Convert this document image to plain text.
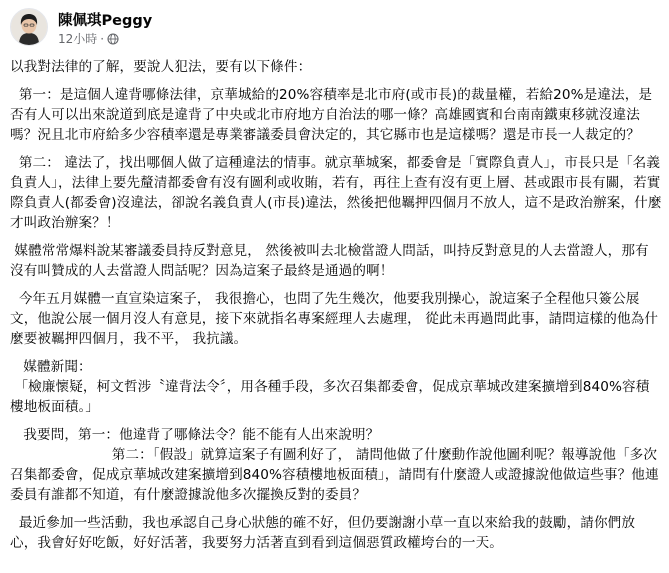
陳佩琪Peggy
12小時 ·

以我對法律的了解，要說人犯法，要有以下條件：

第一：是這個人違背哪條法律，京華城給的20%容積率是北市府(或市長)的裁量權，若給20%是違法，是否有人可以出來說道到底是違背了中央或北市府地方自治法的哪一條？高雄國賓和台南南鐵東移就沒違法嗎？況且北市府給多少容積率還是專業審議委員會決定的，其它縣市也是這樣嗎？還是市長一人裁定的？

第二： 違法了，找出哪個人做了這種違法的情事。就京華城案，都委會是「實際負責人」，市長只是「名義負責人」，法律上要先釐清都委會有沒有圖利或收賄，若有，再往上查有沒有更上層、甚或跟市長有關，若實際負責人(都委會)沒違法，卻說名義負責人(市長)違法，然後把他羈押四個月不放人，這不是政治辦案，什麼才叫政治辦案？！

媒體常常爆料說某審議委員持反對意見， 然後被叫去北檢當證人問話，叫持反對意見的人去當證人，那有沒有叫贊成的人去當證人問話呢？因為這案子最終是通過的啊！

今年五月媒體一直宣染這案子， 我很擔心，也問了先生幾次，他要我別操心，說這案子全程他只簽公展文，他說公展一個月沒人有意見，接下來就指名專案經理人去處理， 從此未再過問此事，請問這樣的他為什麼要被羈押四個月，我不平， 我抗議。

媒體新聞：

「檢廉懷疑，柯文哲涉〝違背法令〞，用各種手段，多次召集都委會，促成京華城改建案擴增到840%容積樓地板面積。」

我要問，第一：他違背了哪條法令？能不能有人出來說明？

第二：「假設」就算這案子有圖利好了， 請問他做了什麼動作說他圖利呢？報導說他「多次召集都委會，促成京華城改建案擴增到840%容積樓地板面積」，請問有什麼證人或證據說他做這些事？他連委員有誰都不知道，有什麼證據說他多次擺換反對的委員？

最近參加一些活動，我也承認自己身心狀態的確不好，但仍要謝謝小草一直以來給我的鼓勵，請你們放心，我會好好吃飯，好好活著，我要努力活著直到看到這個惡質政權垮台的一天。
